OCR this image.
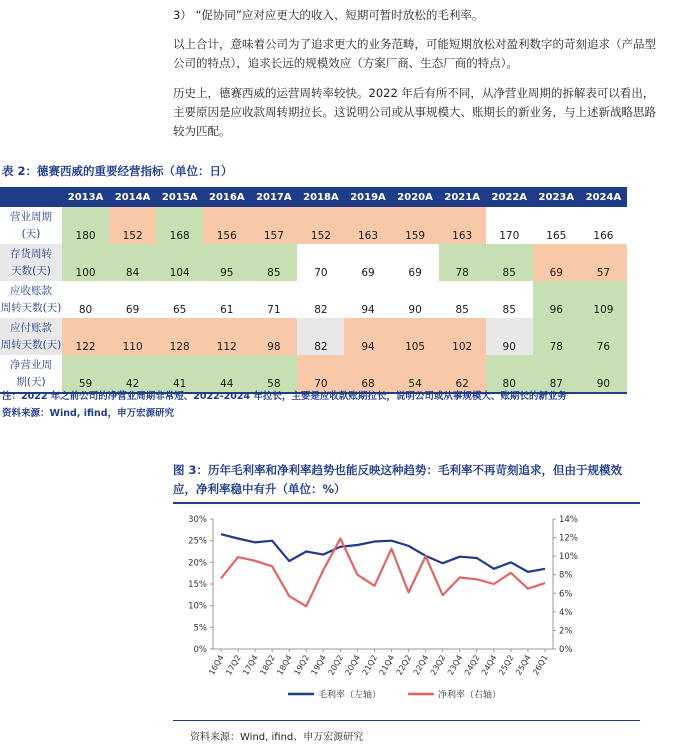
3） “促协同”应对应更大的收入、短期可暂时放松的毛利率。
以上合计，意味着公司为了追求更大的业务范畴，可能短期放松对盈利数字的苛刻追求（产品型公司的特点），追求长远的规模效应（方案厂商、生态厂商的特点）。
历史上，德赛西威的运营周转率较快。2022 年后有所不同，从净营业周期的拆解表可以看出，主要原因是应收款周转期拉长。这说明公司或从事规模大、账期长的新业务，与上述新战略思路较为匹配。
表 2：德赛西威的重要经营指标（单位：日）
	2013A	2014A	2015A	2016A	2017A	2018A	2019A	2020A	2021A	2022A	2023A	2024A

营业周期
(天)	180	152	168	156	157	152	163	159	163	170	165	166

存货周转
天数(天)	100	84	104	95	85	70	69	69	78	85	69	57

应收账款
周转天数(天)	80	69	65	61	71	82	94	90	85	85	96	109

应付账款
周转天数(天)	122	110	128	112	98	82	94	105	102	90	78	76

净营业周
期(天)	59	42	41	44	58	70	68	54	62	80	87	90
注：2022 年之前公司的净营业周期非常短、2022-2024 年拉长，主要是应收款账期拉长，说明公司或从事规模大、账期长的新业务
资料来源：Wind, ifind，申万宏源研究
图 3：历年毛利率和净利率趋势也能反映这种趋势：毛利率不再苛刻追求，但由于规模效应，净利率稳中有升（单位：%）
0%
5%
10%
15%
20%
25%
30%
0%
2%
4%
6%
8%
10%
12%
14%
16Q4
17Q2
17Q4
18Q2
18Q4
19Q2
19Q4
20Q2
20Q4
21Q2
21Q4
22Q2
22Q4
23Q2
23Q4
24Q2
24Q4
25Q2
25Q4
26Q1
毛利率（左轴）	净利率（右轴）
资料来源：Wind, ifind、申万宏源研究
